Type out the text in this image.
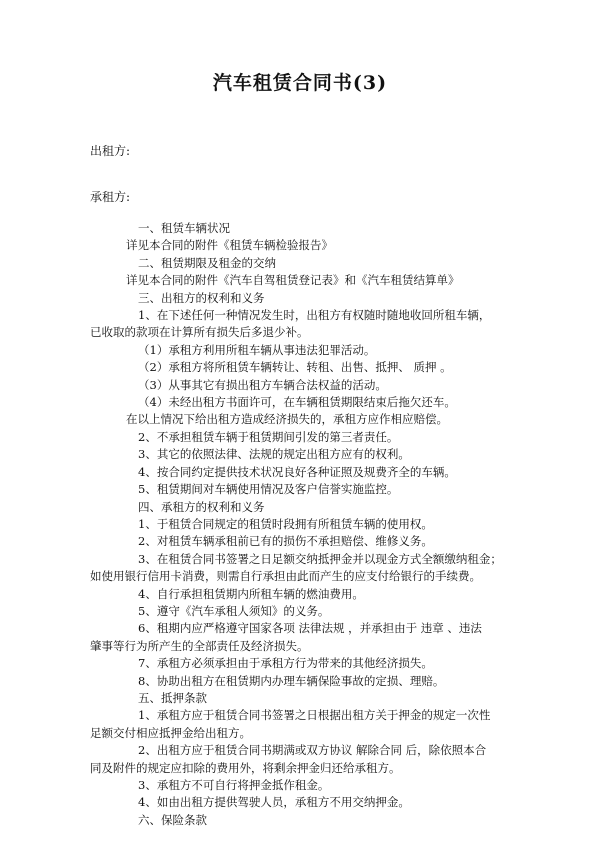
汽车租赁合同书(3)
出租方:
承租方:

一、租赁车辆状况

详见本合同的附件《租赁车辆检验报告》

二、租赁期限及租金的交纳

详见本合同的附件《汽车自驾租赁登记表》和《汽车租赁结算单》

三、出租方的权利和义务

1、在下述任何一种情况发生时，出租方有权随时随地收回所租车辆，

已收取的款项在计算所有损失后多退少补。

（1）承租方利用所租车辆从事违法犯罪活动。

（2）承租方将所租赁车辆转让、转租、出售、抵押、 质押 。

（3）从事其它有损出租方车辆合法权益的活动。

（4）未经出租方书面许可，在车辆租赁期限结束后拖欠还车。

在以上情况下给出租方造成经济损失的，承租方应作相应赔偿。

2、不承担租赁车辆于租赁期间引发的第三者责任。

3、其它的依照法律、法规的规定出租方应有的权利。

4、按合同约定提供技术状况良好各种证照及规费齐全的车辆。

5、租赁期间对车辆使用情况及客户信誉实施监控。

四、承租方的权利和义务

1、于租赁合同规定的租赁时段拥有所租赁车辆的使用权。

2、对租赁车辆承租前已有的损伤不承担赔偿、维修义务。

3、在租赁合同书签署之日足额交纳抵押金并以现金方式全额缴纳租金；

如使用银行信用卡消费，则需自行承担由此而产生的应支付给银行的手续费。

4、自行承担租赁期内所租车辆的燃油费用。

5、遵守《汽车承租人须知》的义务。

6、租期内应严格遵守国家各项 法律法规 ，并承担由于 违章 、违法

肇事等行为所产生的全部责任及经济损失。

7、承租方必须承担由于承租方行为带来的其他经济损失。

8、协助出租方在租赁期内办理车辆保险事故的定损、理赔。

五、抵押条款

1、承租方应于租赁合同书签署之日根据出租方关于押金的规定一次性

足额交付相应抵押金给出租方。

2、出租方应于租赁合同书期满或双方协议 解除合同 后，除依照本合

同及附件的规定应扣除的费用外，将剩余押金归还给承租方。

3、承租方不可自行将押金抵作租金。

4、如由出租方提供驾驶人员，承租方不用交纳押金。

六、保险条款
